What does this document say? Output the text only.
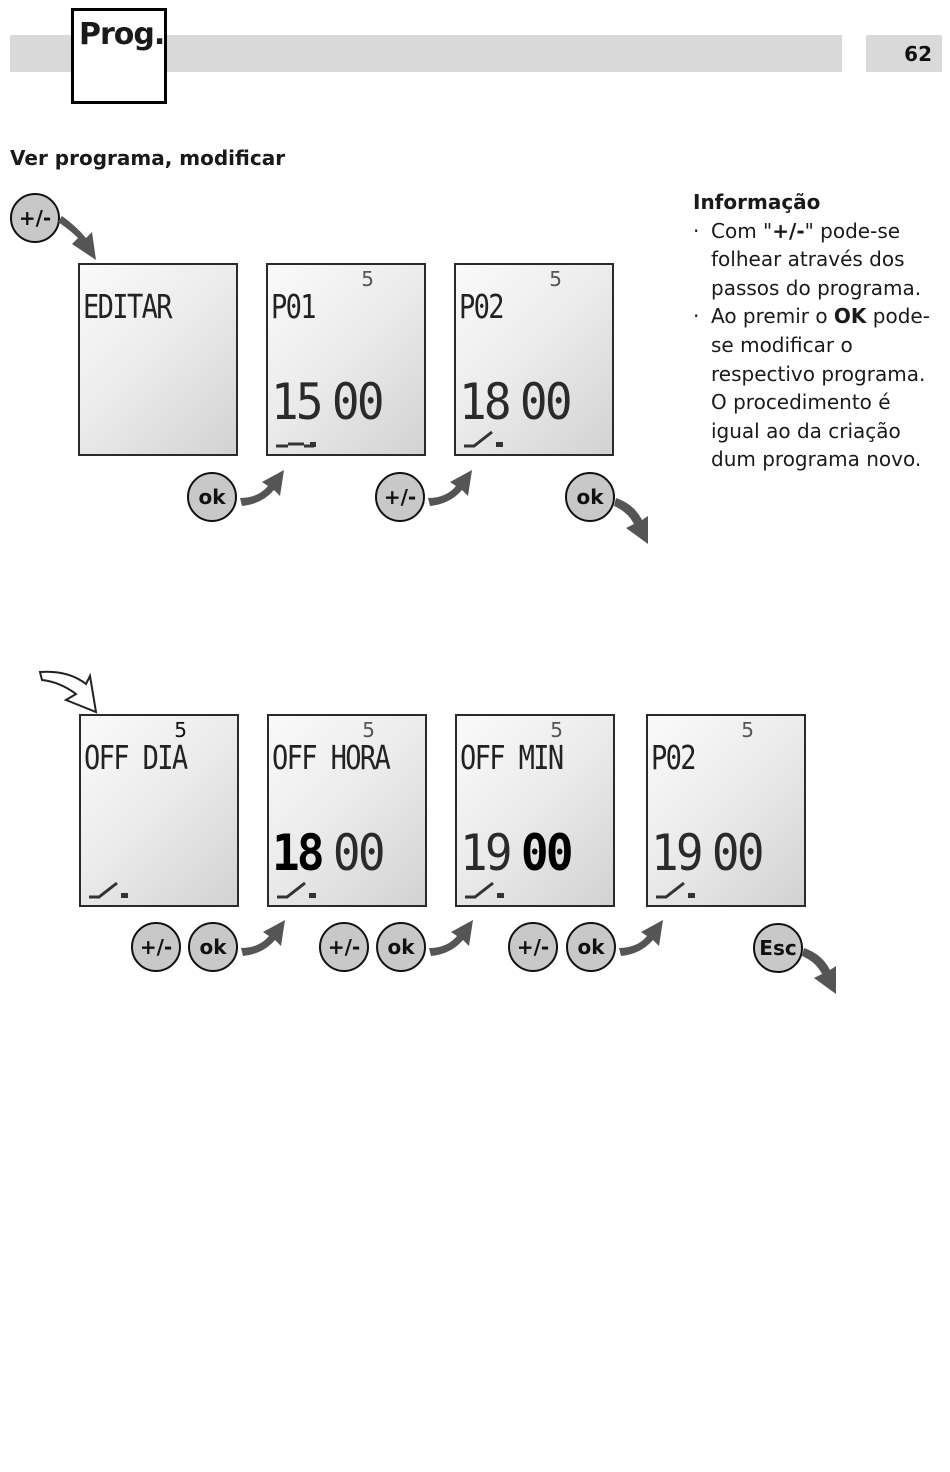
62
Prog.
Ver programa, modificar
Informação
· Com "+/-" pode-se folhear através dos passos do programa.
· Ao premir o OK pode-se modificar o respectivo programa.
O procedimento é igual ao da criação dum programa novo.
+/-
EDITAR
5
P01
15 00
5
P02
18 00
ok	+/-	ok
5
OFF DIA
5
OFF HORA
18 00
5
OFF MIN
19 00
5
P02
19 00
+/-	ok	+/-	ok	+/-	ok	Esc
